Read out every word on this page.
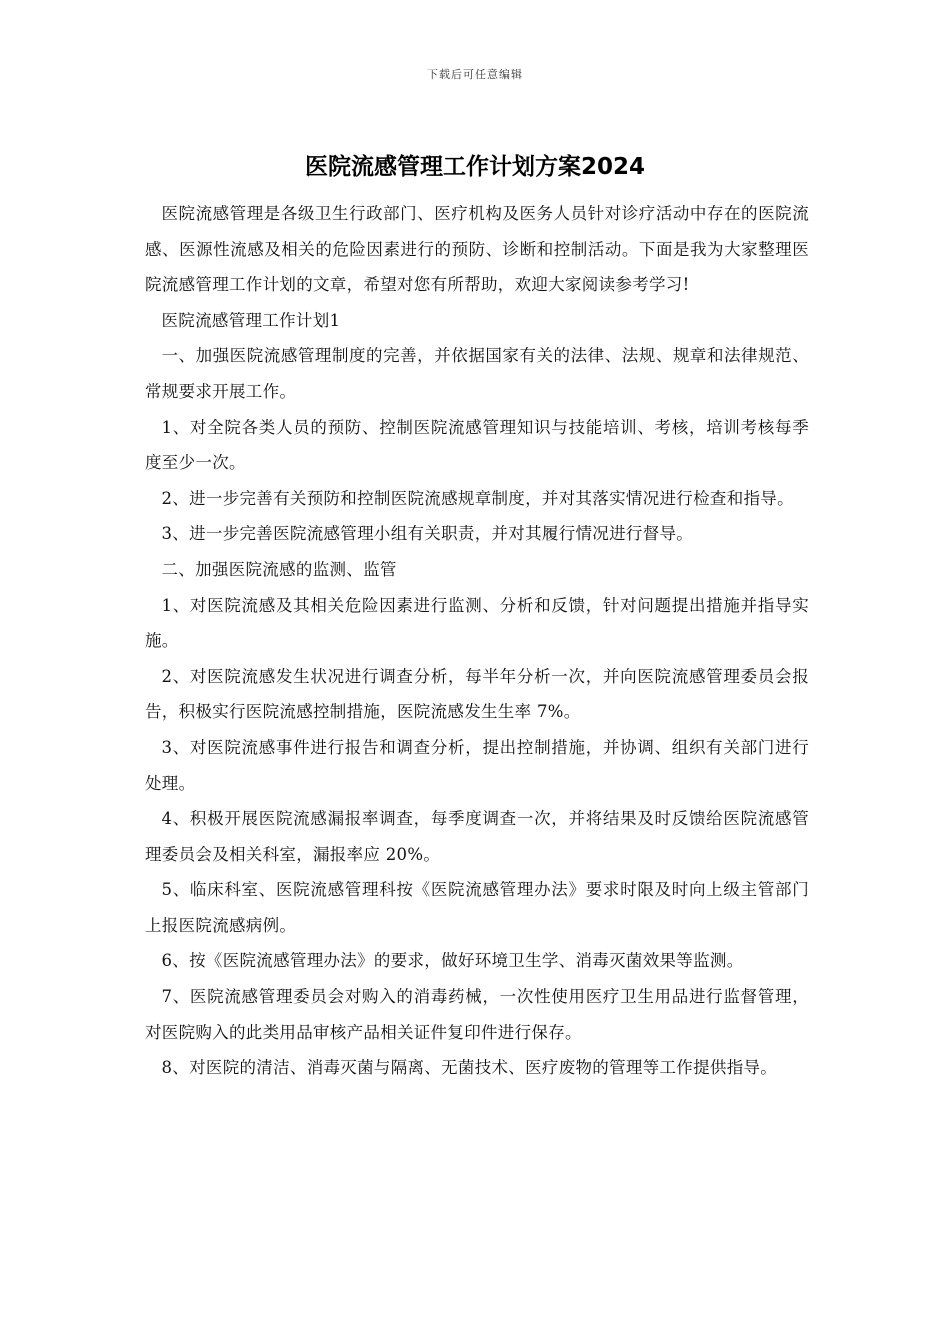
下载后可任意编辑
医院流感管理工作计划方案2024

医院流感管理是各级卫生行政部门、医疗机构及医务人员针对诊疗活动中存在的医院流感、医源性流感及相关的危险因素进行的预防、诊断和控制活动。下面是我为大家整理医院流感管理工作计划的文章，希望对您有所帮助，欢迎大家阅读参考学习!

医院流感管理工作计划1

一、加强医院流感管理制度的完善，并依据国家有关的法律、法规、规章和法律规范、常规要求开展工作。

1、对全院各类人员的预防、控制医院流感管理知识与技能培训、考核，培训考核每季度至少一次。

2、进一步完善有关预防和控制医院流感规章制度，并对其落实情况进行检查和指导。

3、进一步完善医院流感管理小组有关职责，并对其履行情况进行督导。

二、加强医院流感的监测、监管

1、对医院流感及其相关危险因素进行监测、分析和反馈，针对问题提出措施并指导实施。

2、对医院流感发生状况进行调查分析，每半年分析一次，并向医院流感管理委员会报告，积极实行医院流感控制措施，医院流感发生生率 7%。

3、对医院流感事件进行报告和调查分析，提出控制措施，并协调、组织有关部门进行处理。

4、积极开展医院流感漏报率调查，每季度调查一次，并将结果及时反馈给医院流感管理委员会及相关科室，漏报率应 20%。

5、临床科室、医院流感管理科按《医院流感管理办法》要求时限及时向上级主管部门上报医院流感病例。

6、按《医院流感管理办法》的要求，做好环境卫生学、消毒灭菌效果等监测。

7、医院流感管理委员会对购入的消毒药械，一次性使用医疗卫生用品进行监督管理，对医院购入的此类用品审核产品相关证件复印件进行保存。

8、对医院的清洁、消毒灭菌与隔离、无菌技术、医疗废物的管理等工作提供指导。
